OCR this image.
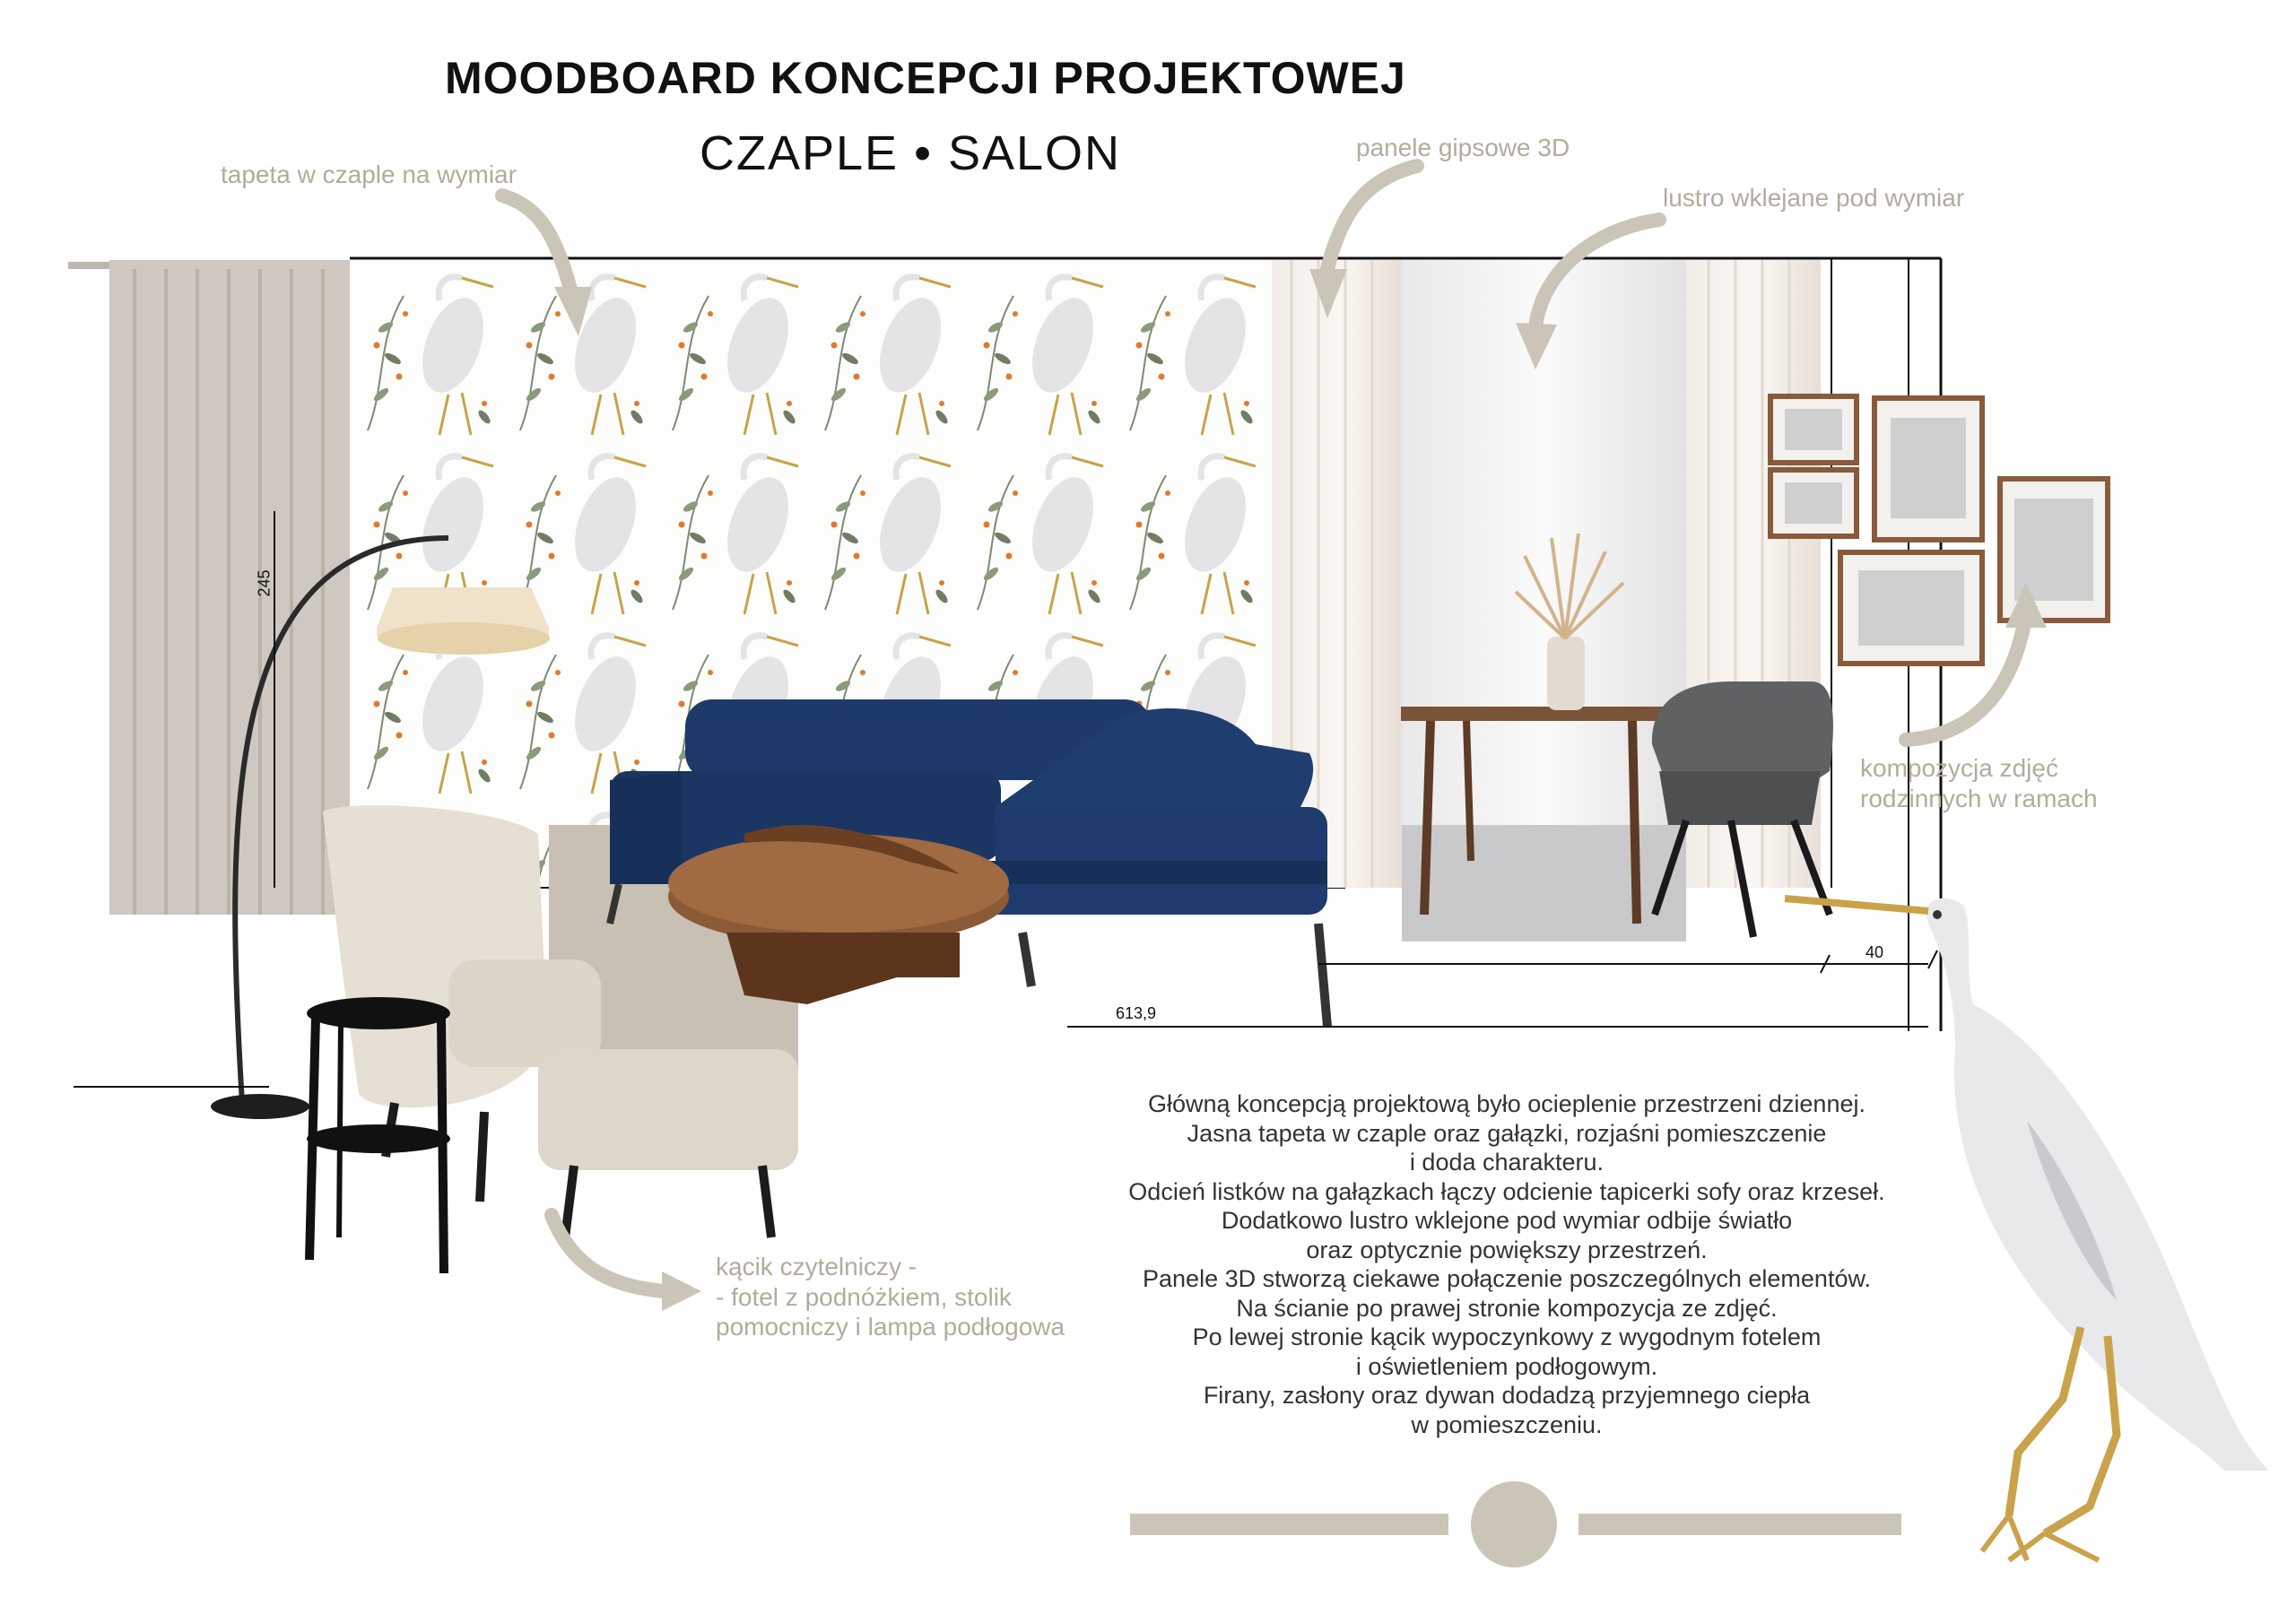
MOODBOARD KONCEPCJI PROJEKTOWEJ
CZAPLE • SALON
tapeta w czaple na wymiar
panele gipsowe 3D
lustro wklejane pod wymiar
kompozycja zdjęć
rodzinnych w ramach
kącik czytelniczy -
- fotel z podnóżkiem, stolik
pomocniczy i lampa podłogowa
245
613,9
40
Główną koncepcją projektową było ocieplenie przestrzeni dziennej.
Jasna tapeta w czaple oraz gałązki, rozjaśni pomieszczenie
i doda charakteru.
Odcień listków na gałązkach łączy odcienie tapicerki sofy oraz krzeseł.
Dodatkowo lustro wklejone pod wymiar odbije światło
oraz optycznie powiększy przestrzeń.
Panele 3D stworzą ciekawe połączenie poszczególnych elementów.
Na ścianie po prawej stronie kompozycja ze zdjęć.
Po lewej stronie kącik wypoczynkowy z wygodnym fotelem
i oświetleniem podłogowym.
Firany, zasłony oraz dywan dodadzą przyjemnego ciepła
w pomieszczeniu.
